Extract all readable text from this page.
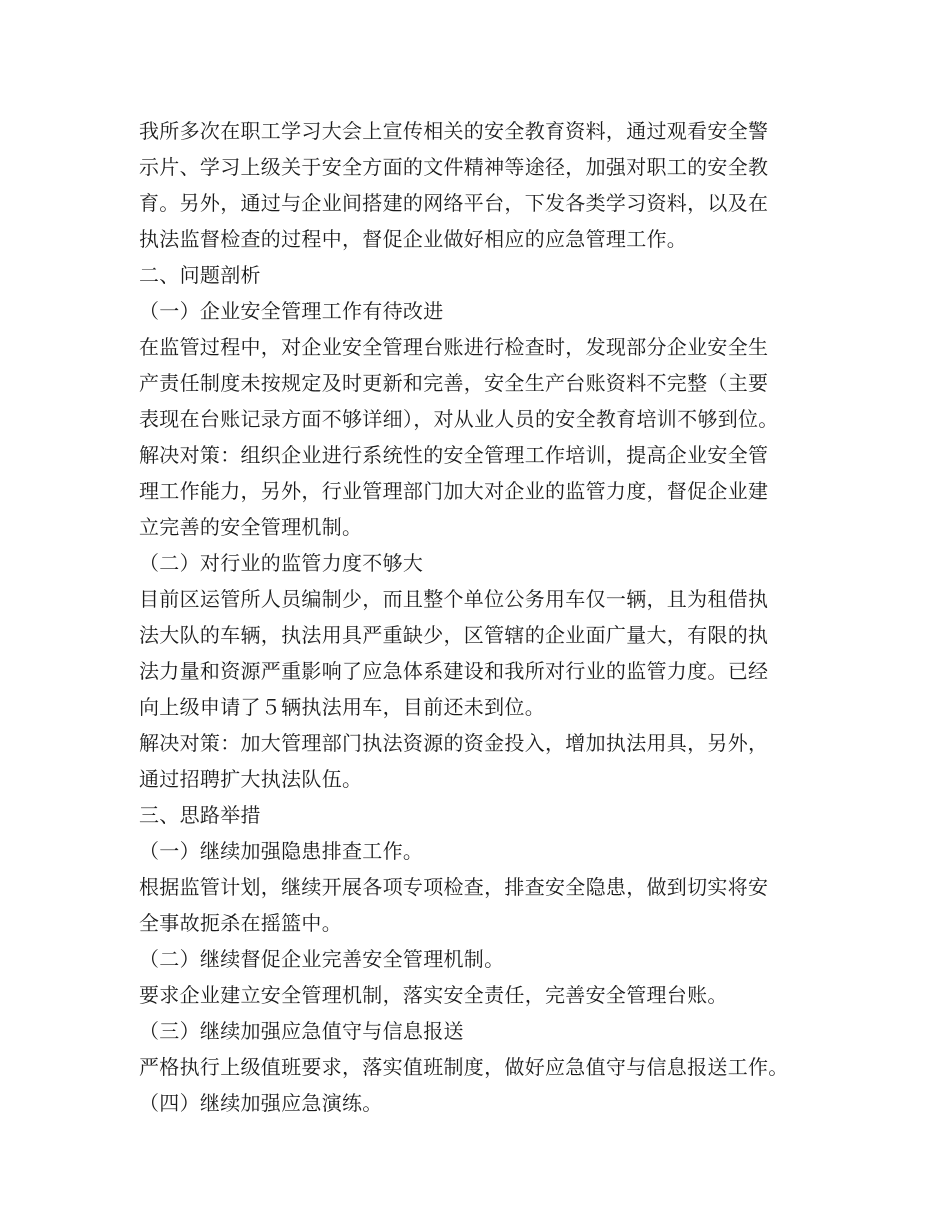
我所多次在职工学习大会上宣传相关的安全教育资料，通过观看安全警
示片、学习上级关于安全方面的文件精神等途径，加强对职工的安全教
育。另外，通过与企业间搭建的网络平台，下发各类学习资料，以及在
执法监督检查的过程中，督促企业做好相应的应急管理工作。
二、问题剖析
（一）企业安全管理工作有待改进
在监管过程中，对企业安全管理台账进行检查时，发现部分企业安全生
产责任制度未按规定及时更新和完善，安全生产台账资料不完整（主要
表现在台账记录方面不够详细），对从业人员的安全教育培训不够到位。
解决对策：组织企业进行系统性的安全管理工作培训，提高企业安全管
理工作能力，另外，行业管理部门加大对企业的监管力度，督促企业建
立完善的安全管理机制。
（二）对行业的监管力度不够大
目前区运管所人员编制少，而且整个单位公务用车仅一辆，且为租借执
法大队的车辆，执法用具严重缺少，区管辖的企业面广量大，有限的执
法力量和资源严重影响了应急体系建设和我所对行业的监管力度。已经
向上级申请了５辆执法用车，目前还未到位。
解决对策：加大管理部门执法资源的资金投入，增加执法用具，另外，
通过招聘扩大执法队伍。
三、思路举措
（一）继续加强隐患排查工作。
根据监管计划，继续开展各项专项检查，排查安全隐患，做到切实将安
全事故扼杀在摇篮中。
（二）继续督促企业完善安全管理机制。
要求企业建立安全管理机制，落实安全责任，完善安全管理台账。
（三）继续加强应急值守与信息报送
严格执行上级值班要求，落实值班制度，做好应急值守与信息报送工作。
（四）继续加强应急演练。
